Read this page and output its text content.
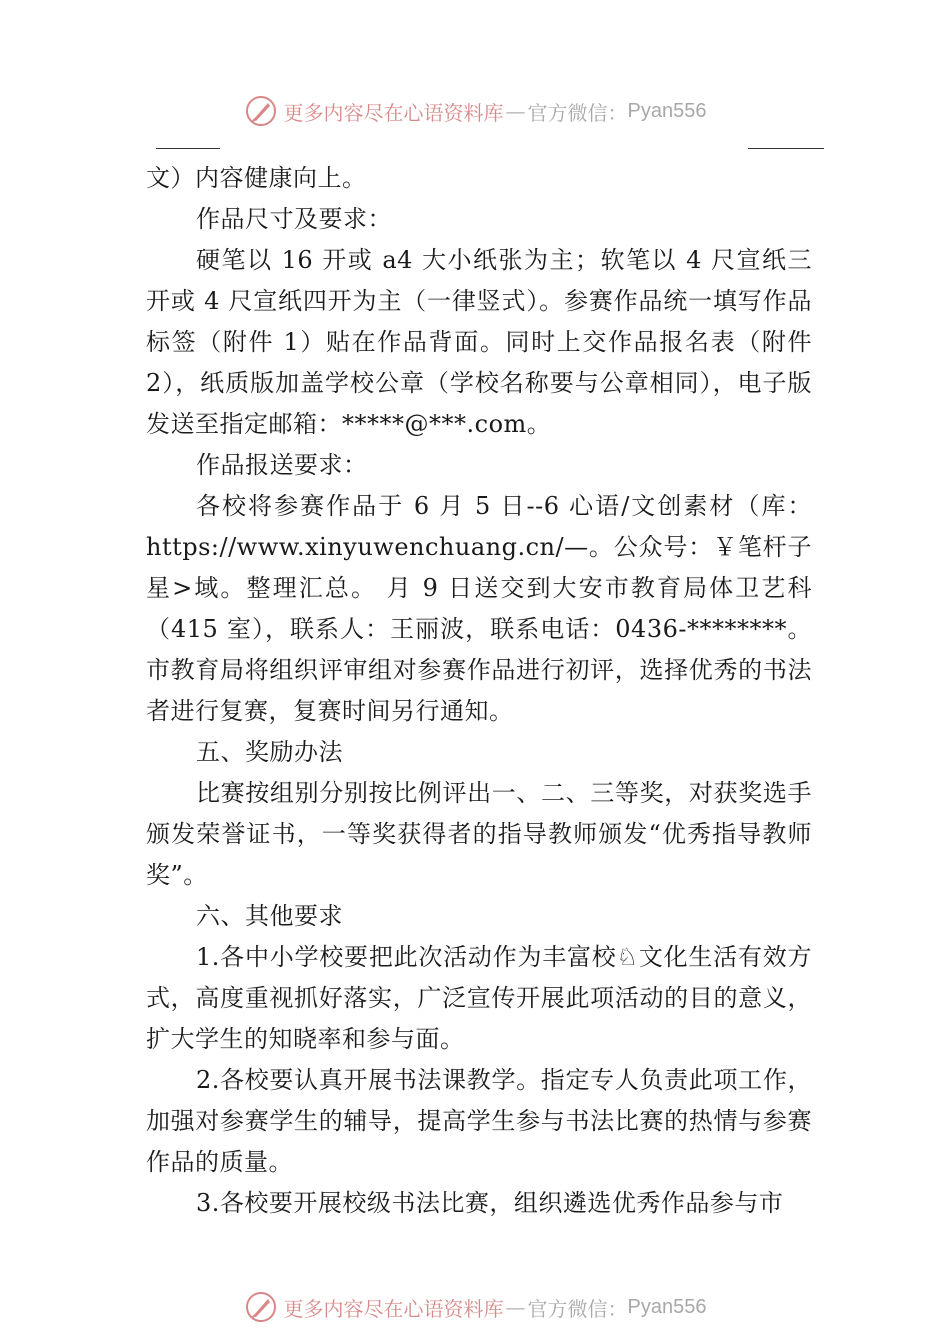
更多内容尽在心语资料库 — 官方微信： Pyan556

文）内容健康向上。

作品尺寸及要求：

硬笔以 16 开或 a4 大小纸张为主；软笔以 4 尺宣纸三开或 4 尺宣纸四开为主（一律竖式）。参赛作品统一填写作品标签（附件 1）贴在作品背面。同时上交作品报名表（附件 2），纸质版加盖学校公章（学校名称要与公章相同），电子版发送至指定邮箱：*****@***.com。

作品报送要求：

各校将参赛作品于 6 月 5 日--6 心语/文创素材（库：https://www.xinyuwenchuang.cn/—。公众号：￥笔杆子星>域。整理汇总。 月 9 日送交到大安市教育局体卫艺科（415 室），联系人：王丽波，联系电话：0436-********。市教育局将组织评审组对参赛作品进行初评，选择优秀的书法者进行复赛，复赛时间另行通知。

五、奖励办法

比赛按组别分别按比例评出一、二、三等奖，对获奖选手颁发荣誉证书，一等奖获得者的指导教师颁发“优秀指导教师奖”。

六、其他要求

1.各中小学校要把此次活动作为丰富校♘文化生活有效方式，高度重视抓好落实，广泛宣传开展此项活动的目的意义，扩大学生的知晓率和参与面。

2.各校要认真开展书法课教学。指定专人负责此项工作，加强对参赛学生的辅导，提高学生参与书法比赛的热情与参赛作品的质量。

3.各校要开展校级书法比赛，组织遴选优秀作品参与市

更多内容尽在心语资料库 — 官方微信： Pyan556
